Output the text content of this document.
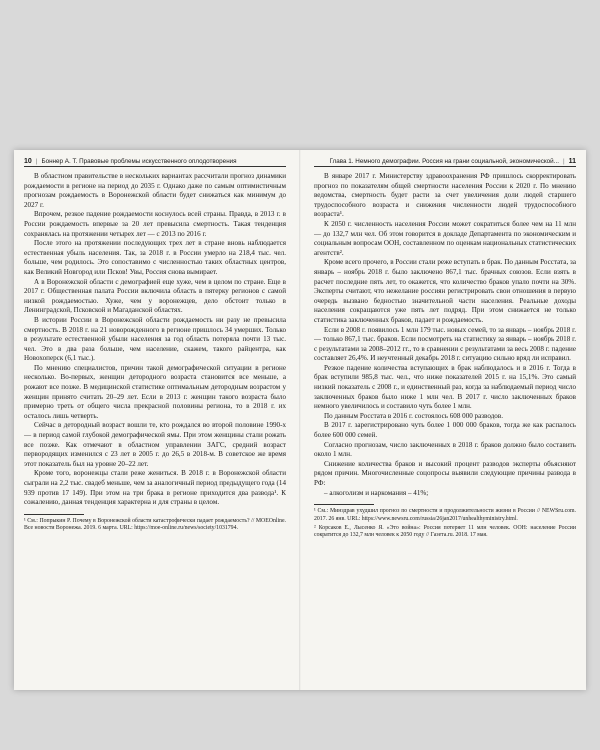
10 | Боннер А. Т. Правовые проблемы искусственного оплодотворения

В областном правительстве в нескольких вариантах рассчитали прогноз динамики рождаемости в регионе на период до 2035 г. Однако даже по самым оптимистичным прогнозам рождаемость в Воронежской области будет снижаться как минимум до 2027 г.

Впрочем, резкое падение рождаемости коснулось всей страны. Правда, в 2013 г. в России рождаемость впервые за 20 лет превысила смертность. Такая тенденция сохранялась на протяжении четырех лет — с 2013 по 2016 г.

После этого на протяжении последующих трех лет в стране вновь наблюдается естественная убыль населения. Так, за 2018 г. в России умерло на 218,4 тыс. чел. больше, чем родилось. Это сопоставимо с численностью таких областных центров, как Великий Новгород или Псков! Увы, Россия снова вымирает.

А в Воронежской области с демографией еще хуже, чем в целом по стране. Еще в 2017 г. Общественная палата России включила область в пятерку регионов с самой низкой рождаемостью. Хуже, чем у воронежцев, дело обстоит только в Ленинградской, Псковской и Магаданской областях.

В истории России в Воронежской области рождаемость ни разу не превысила смертность. В 2018 г. на 21 новорожденного в регионе пришлось 34 умерших. Только в результате естественной убыли населения за год область потеряла почти 13 тыс. чел. Это в два раза больше, чем население, скажем, такого райцентра, как Новохоперск (6,1 тыс.).

По мнению специалистов, причин такой демографической ситуации в регионе несколько. Во-первых, женщин детородного возраста становится все меньше, а рожают все позже. В медицинской статистике оптимальным детородным возрастом у женщин принято считать 20–29 лет. Если в 2013 г. женщин такого возраста было примерно треть от общего числа прекрасной половины региона, то в 2018 г. их осталось лишь четверть.

Сейчас в детородный возраст вошли те, кто рождался во второй половине 1990-х — в период самой глубокой демографической ямы. При этом женщины стали рожать все позже. Как отмечают в областном управлении ЗАГС, средний возраст первородящих изменился с 23 лет в 2005 г. до 26,5 в 2018-м. В советское же время этот показатель был на уровне 20–22 лет.

Кроме того, воронежцы стали реже жениться. В 2018 г. в Воронежской области сыграли на 2,2 тыс. свадеб меньше, чем за аналогичный период предыдущего года (14 939 против 17 149). При этом на три брака в регионе приходится два развода¹. К сожалению, данная тенденция характерна и для страны в целом.

¹ См.: Попрыкин Р. Почему в Воронежской области катастрофически падает рождаемость? // MOEOnline. Все новости Воронежа. 2019. 6 марта. URL: https://moe-online.ru/news/society/1031794.

Глава 1. Немного демографии. Россия на грани социальной, экономической... | 11

В январе 2017 г. Министерству здравоохранения РФ пришлось скорректировать прогноз по показателям общей смертности населения России к 2020 г. По мнению ведомства, смертность будет расти за счет увеличения доли людей старшего трудоспособного возраста и снижения численности людей трудоспособного возраста¹.

К 2050 г. численность населения России может сократиться более чем на 11 млн — до 132,7 млн чел. Об этом говорится в докладе Департамента по экономическим и социальным вопросам ООН, составленном по оценкам национальных статистических агентств².

Кроме всего прочего, в России стали реже вступать в брак. По данным Росстата, за январь – ноябрь 2018 г. было заключено 867,1 тыс. брачных союзов. Если взять в расчет последние пять лет, то окажется, что количество браков упало почти на 30%. Эксперты считают, что нежелание россиян регистрировать свои отношения в первую очередь вызвано бедностью значительной части населения. Реальные доходы населения сокращаются уже пять лет подряд. При этом снижается не только статистика заключенных браков, падает и рождаемость.

Если в 2008 г. появилось 1 млн 179 тыс. новых семей, то за январь – ноябрь 2018 г. — только 867,1 тыс. браков. Если посмотреть на статистику за январь – ноябрь 2018 г. с результатами за 2008–2012 гг., то в сравнении с результатами за весь 2008 г. падение составляет 26,4%. И неучтенный декабрь 2018 г. ситуацию сильно вряд ли исправил.

Резкое падение количества вступающих в брак наблюдалось и в 2016 г. Тогда в брак вступили 985,8 тыс. чел., что ниже показателей 2015 г. на 15,1%. Это самый низкий показатель с 2008 г., и единственный раз, когда за наблюдаемый период число заключенных браков было ниже 1 млн чел. В 2017 г. число заключенных браков немного увеличилось и составило чуть более 1 млн.

По данным Росстата в 2016 г. состоялось 608 000 разводов.

В 2017 г. зарегистрировано чуть более 1 000 000 браков, тогда же как распалось более 600 000 семей.

Согласно прогнозам, число заключенных в 2018 г. браков должно было составить около 1 млн.

Снижение количества браков и высокий процент разводов эксперты объясняют рядом причин. Многочисленные соцопросы выявили следующие причины развода в РФ:

– алкоголизм и наркомания – 41%;

¹ См.: Минздрав ухудшил прогноз по смертности и продолжительности жизни в России // NEWSru.com. 2017. 26 янв. URL: https://www.newsru.com/russia/26jan2017/unhealthyministry.html.

² Корсаков Е., Лысенко Я. «Это война»: Россия потеряет 11 млн человек. ООН: население России сократится до 132,7 млн человек к 2050 году // Газета.ru. 2018. 17 мая.
